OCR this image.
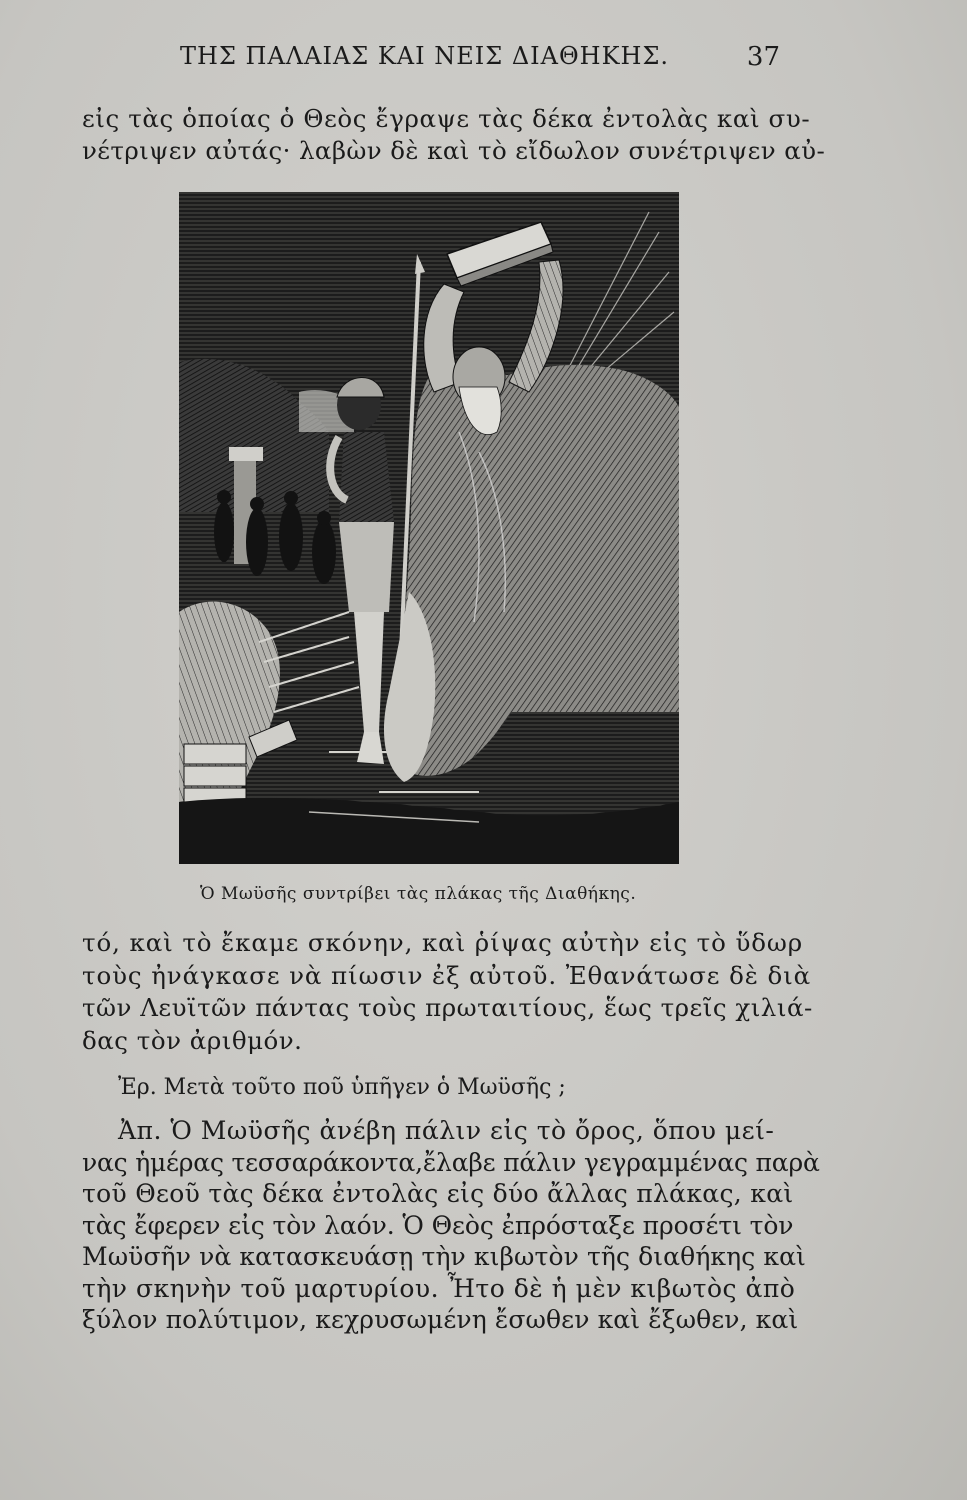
ΤΗΣ ΠΑΛΑΙΑΣ ΚΑΙ ΝΕΙΣ ΔΙΑΘΗΚΗΣ.	37
εἰς τὰς ὁποίας ὁ Θεὸς ἔγραψε τὰς δέκα ἐντολὰς καὶ συ-
νέτριψεν αὐτάς· λαβὼν δὲ καὶ τὸ εἴδωλον συνέτριψεν αὐ-
Ὁ Μωϋσῆς συντρίβει τὰς πλάκας τῆς Διαθήκης.
τό, καὶ τὸ ἔκαμε σκόνην, καὶ ῥίψας αὐτὴν εἰς τὸ ὕδωρ
τοὺς ἠνάγκασε νὰ πίωσιν ἐξ αὐτοῦ. Ἐθανάτωσε δὲ διὰ
τῶν Λευϊτῶν πάντας τοὺς πρωταιτίους, ἕως τρεῖς χιλιά-
δας τὸν ἀριθμόν.
Ἐρ. Μετὰ τοῦτο ποῦ ὑπῆγεν ὁ Μωϋσῆς ;
Ἀπ. Ὁ Μωϋσῆς ἀνέβη πάλιν εἰς τὸ ὄρος, ὅπου μεί-
νας ἡμέρας τεσσαράκοντα,ἔλαβε πάλιν γεγραμμένας παρὰ
τοῦ Θεοῦ τὰς δέκα ἐντολὰς εἰς δύο ἄλλας πλάκας, καὶ
τὰς ἔφερεν εἰς τὸν λαόν. Ὁ Θεὸς ἐπρόσταξε προσέτι τὸν
Μωϋσῆν νὰ κατασκευάσῃ τὴν κιβωτὸν τῆς διαθήκης καὶ
τὴν σκηνὴν τοῦ μαρτυρίου. Ἦτο δὲ ἡ μὲν κιβωτὸς ἀπὸ
ξύλον πολύτιμον, κεχρυσωμένη ἔσωθεν καὶ ἔξωθεν, καὶ
